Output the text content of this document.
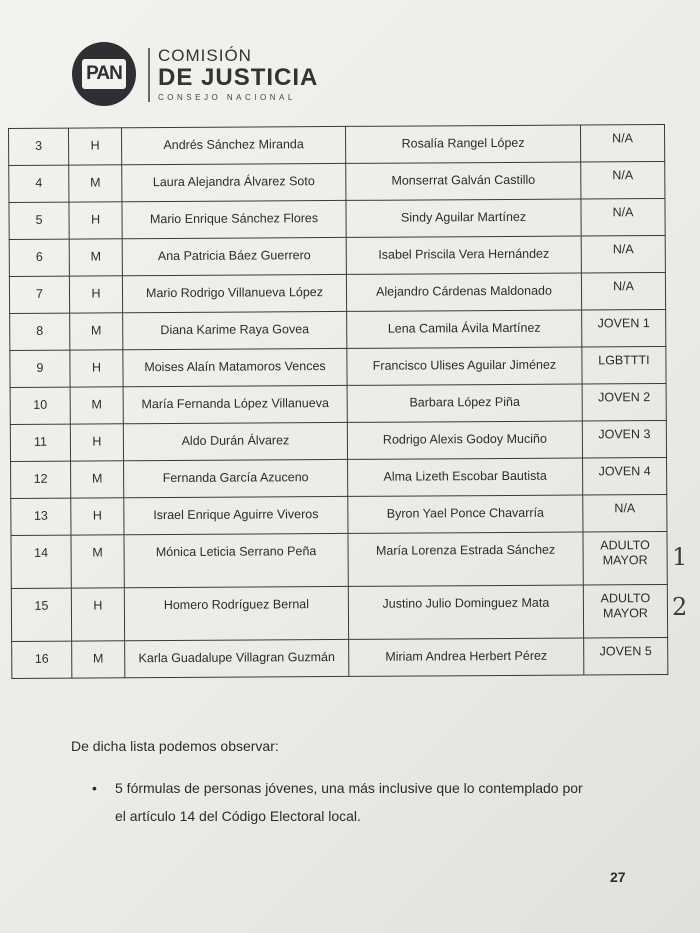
PAN
COMISIÓN
DE JUSTICIA
CONSEJO NACIONAL
3	H	Andrés Sánchez Miranda	Rosalía Rangel López	N/A
4	M	Laura Alejandra Álvarez Soto	Monserrat Galván Castillo	N/A
5	H	Mario Enrique Sánchez Flores	Sindy Aguilar Martínez	N/A
6	M	Ana Patricia Báez Guerrero	Isabel Priscila Vera Hernández	N/A
7	H	Mario Rodrigo Villanueva López	Alejandro Cárdenas Maldonado	N/A
8	M	Diana Karime Raya Govea	Lena Camila Ávila Martínez	JOVEN 1
9	H	Moises Alaín Matamoros Vences	Francisco Ulises Aguilar Jiménez	LGBTTTI
10	M	María Fernanda López Villanueva	Barbara López Piña	JOVEN 2
11	H	Aldo Durán Álvarez	Rodrigo Alexis Godoy Muciño	JOVEN 3
12	M	Fernanda García Azuceno	Alma Lizeth Escobar Bautista	JOVEN 4
13	H	Israel Enrique Aguirre Viveros	Byron Yael Ponce Chavarría	N/A
14	M	Mónica Leticia Serrano Peña	María Lorenza Estrada Sánchez	ADULTO MAYOR
15	H	Homero Rodríguez Bernal	Justino Julio Dominguez Mata	ADULTO MAYOR
16	M	Karla Guadalupe Villagran Guzmán	Miriam Andrea Herbert Pérez	JOVEN 5
1
2
De dicha lista podemos observar:
• 5 fórmulas de personas jóvenes, una más inclusive que lo contemplado por
el artículo 14 del Código Electoral local.
27
